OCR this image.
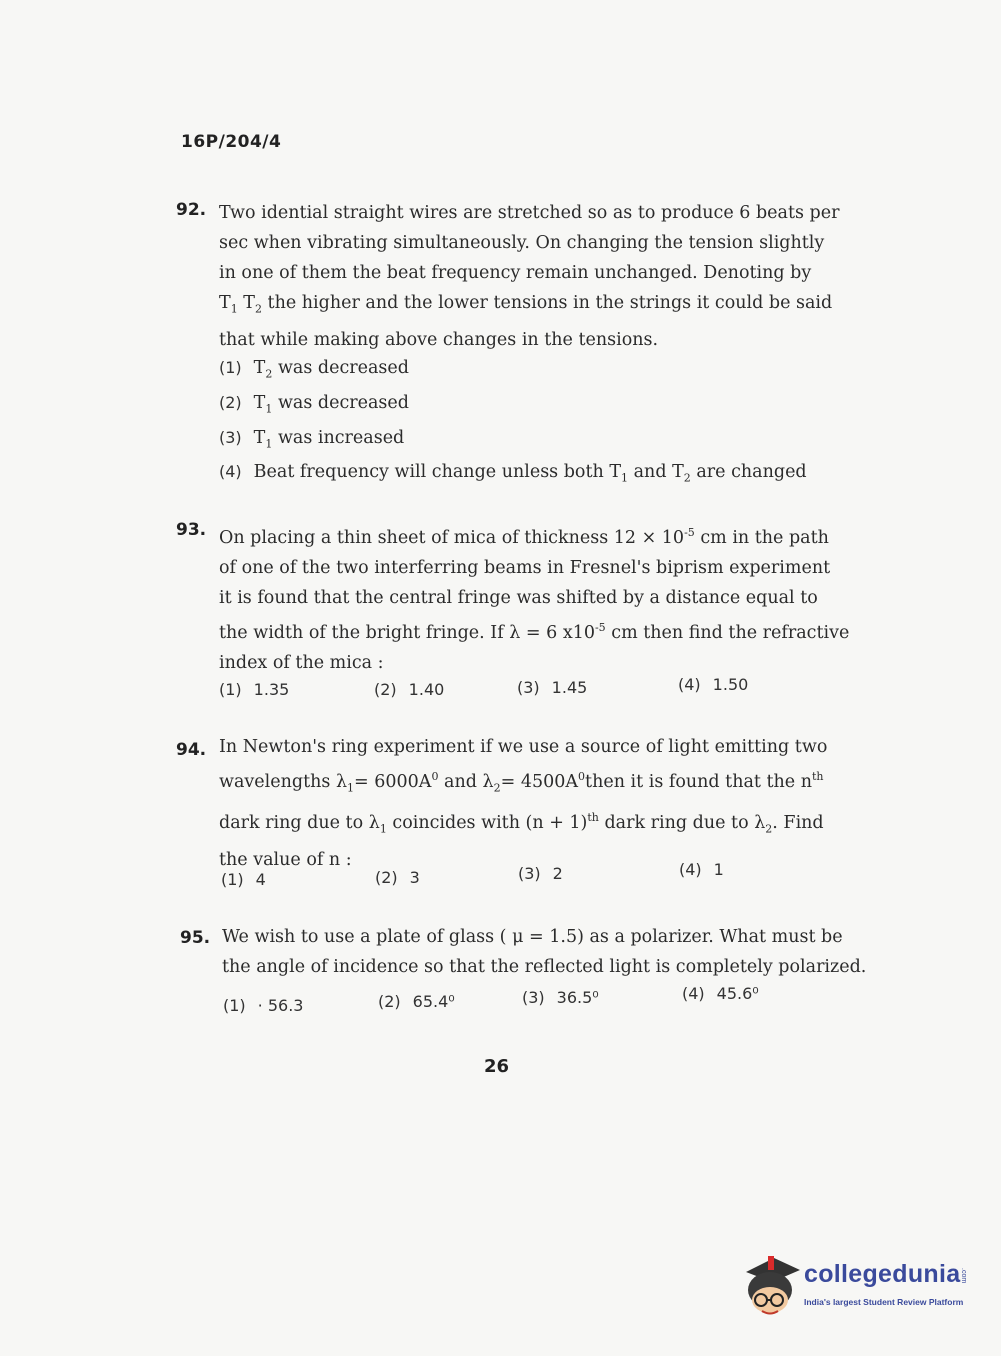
16P/204/4
92. Two idential straight wires are stretched so as to produce 6 beats per
sec when vibrating simultaneously. On changing the tension slightly
in one of them the beat frequency remain unchanged. Denoting by
$T_1$ $T_2$ the higher and the lower tensions in the strings it could be said
that while making above changes in the tensions.
(1) $T_2$ was decreased
(2) $T_1$ was decreased
(3) $T_1$ was increased
(4) Beat frequency will change unless both $T_1$ and $T_2$ are changed
93. On placing a thin sheet of mica of thickness $12 \times 10^{-5}$ cm in the path
of one of the two interferring beams in Fresnel's biprism experiment
it is found that the central fringe was shifted by a distance equal to
the width of the bright fringe. If λ = 6 $x10^{-5}$ cm then find the refractive
index of the mica :
(1) 1.35	(2) 1.40	(3) 1.45	(4) 1.50
94. In Newton's ring experiment if we use a source of light emitting two
wavelengths $\lambda_1= 6000A^0$ and $\lambda_2=$ $4500A^0then$ it is found that the $n^{th}$
dark ring due to $\lambda_1$ coincides with $(n + 1)^{th}$ dark ring due to $\lambda_2$. Find
the value of n :
(1) 4	(2) 3	(3) 2	(4) 1
95. We wish to use a plate of glass ( μ = 1.5) as a polarizer. What must be
the angle of incidence so that the reflected light is completely polarized.
(1) · 56.3	(2) 65.4⁰	(3) 36.5⁰	(4) 45.6⁰
26
collegedunia .com
India's largest Student Review Platform
